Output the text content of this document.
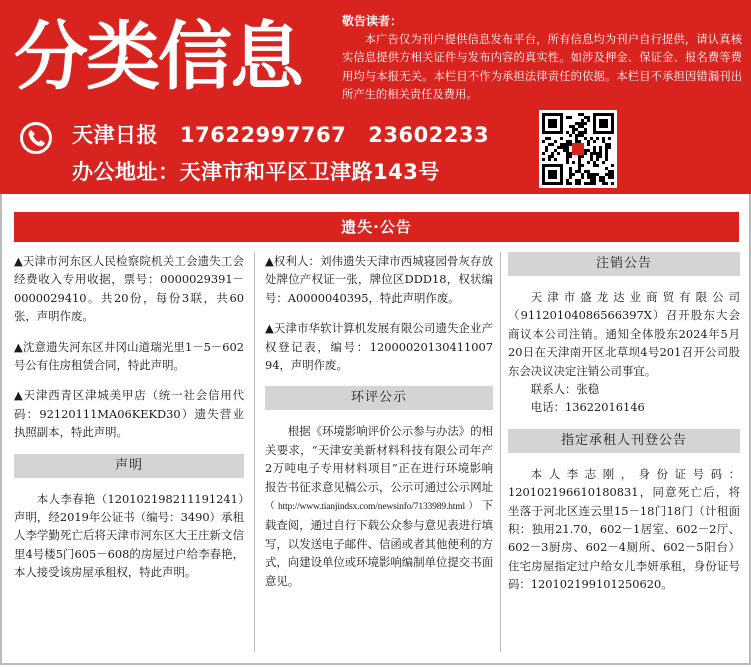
分类信息	敬告读者：
本广告仅为刊户提供信息发布平台，所有信息均为刊户自行提供，请认真核实信息提供方相关证件与发布内容的真实性。如涉及押金、保证金、报名费等费用均与本报无关。本栏目不作为承担法律责任的依据。本栏目不承担因错漏刊出所产生的相关责任及费用。
天津日报 17622997767 23602233
办公地址：天津市和平区卫津路143号
遗失·公告

▲天津市河东区人民检察院机关工会遗失工会经费收入专用收据，票号：0000029391－0000029410。共20份，每份3联，共60张，声明作废。

▲沈意遗失河东区井冈山道瑞光里1－5－602号公有住房租赁合同，特此声明。

▲天津西青区津城美甲店（统一社会信用代码：92120111MA06KEKD30）遗失营业执照副本，特此声明。

声明

本人李春艳（120102198211191241）声明，经2019年公证书（编号：3490）承租人李学勤死亡后将天津市河东区大王庄新文信里4号楼5门605－608的房屋过户给李春艳，本人接受该房屋承租权，特此声明。

▲权利人：刘伟遗失天津市西城寝园骨灰存放处牌位产权证一张，牌位区DDD18，权状编号：A0000040395，特此声明作废。

▲天津市华软计算机发展有限公司遗失企业产权登记表，编号：12000020130411007 94，声明作废。

环评公示

根据《环境影响评价公示参与办法》的相关要求，“天津安美新材料科技有限公司年产2万吨电子专用材料项目”正在进行环境影响报告书征求意见稿公示，公示可通过公示网址（http://www.tianjindsx.com/newsinfo/7133989.html）下载查阅，通过自行下载公众参与意见表进行填写，以发送电子邮件、信函或者其他便利的方式，向建设单位或环境影响编制单位提交书面意见。

注销公告

天津市盛龙达业商贸有限公司（91120104086566397X）召开股东大会商议本公司注销。通知全体股东2024年5月20日在天津南开区北草坝4号201召开公司股东会决议决定注销公司事宜。

联系人：张稳

电话：13622016146

指定承租人刊登公告

本人李志刚，身份证号码：120102196610180831，同意死亡后，将坐落于河北区连云里15－18门18门（计租面积：独用21.70，602－1居室、602－2厅、602－3厨房、602－4厕所、602－5阳台）住宅房屋指定过户给女儿李妍承租，身份证号码：120102199101250620。
